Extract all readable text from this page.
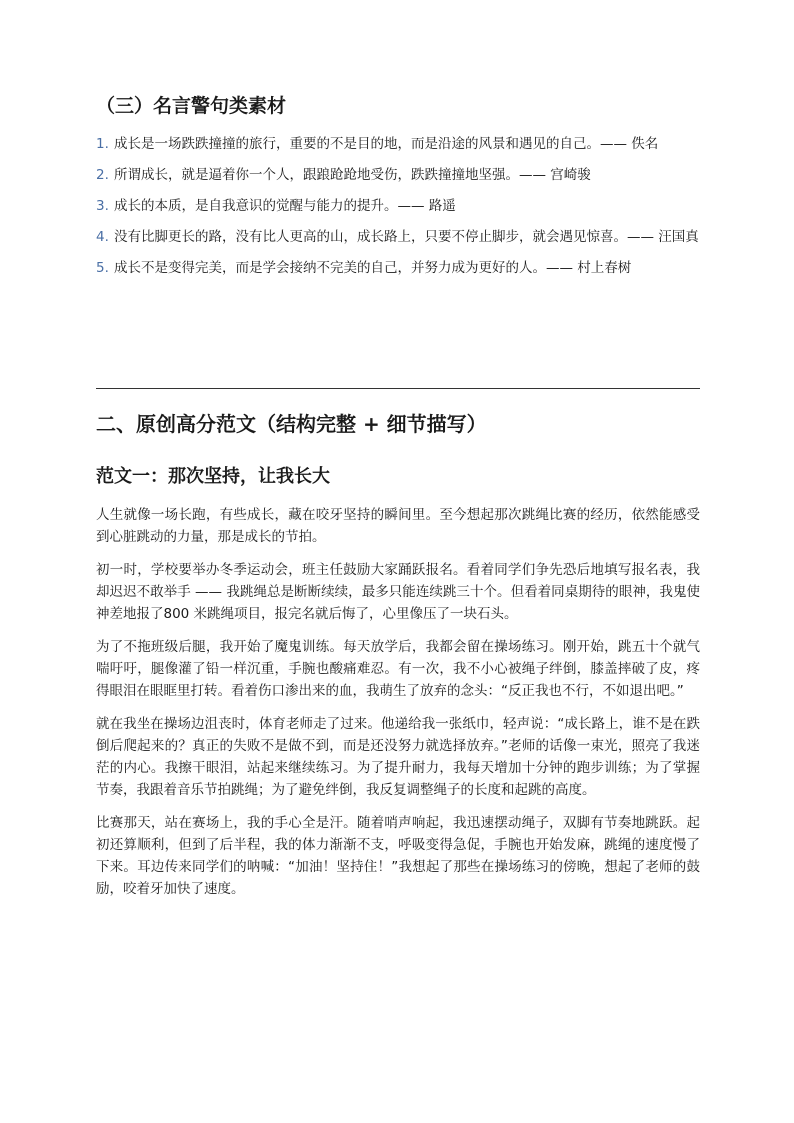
（三）名言警句类素材
1. 成长是一场跌跌撞撞的旅行，重要的不是目的地，而是沿途的风景和遇见的自己。—— 佚名
2. 所谓成长，就是逼着你一个人，跟踉跄跄地受伤，跌跌撞撞地坚强。—— 宫崎骏
3. 成长的本质，是自我意识的觉醒与能力的提升。—— 路遥
4. 没有比脚更长的路，没有比人更高的山，成长路上，只要不停止脚步，就会遇见惊喜。—— 汪国真
5. 成长不是变得完美，而是学会接纳不完美的自己，并努力成为更好的人。—— 村上春树
二、原创高分范文（结构完整 + 细节描写）
范文一：那次坚持，让我长大

人生就像一场长跑，有些成长，藏在咬牙坚持的瞬间里。至今想起那次跳绳比赛的经历，依然能感受到心脏跳动的力量，那是成长的节拍。

初一时，学校要举办冬季运动会，班主任鼓励大家踊跃报名。看着同学们争先恐后地填写报名表，我却迟迟不敢举手 —— 我跳绳总是断断续续，最多只能连续跳三十个。但看着同桌期待的眼神，我鬼使神差地报了800 米跳绳项目，报完名就后悔了，心里像压了一块石头。

为了不拖班级后腿，我开始了魔鬼训练。每天放学后，我都会留在操场练习。刚开始，跳五十个就气喘吁吁，腿像灌了铅一样沉重，手腕也酸痛难忍。有一次，我不小心被绳子绊倒，膝盖摔破了皮，疼得眼泪在眼眶里打转。看着伤口渗出来的血，我萌生了放弃的念头：“反正我也不行，不如退出吧。”

就在我坐在操场边沮丧时，体育老师走了过来。他递给我一张纸巾，轻声说：“成长路上，谁不是在跌倒后爬起来的？真正的失败不是做不到，而是还没努力就选择放弃。”老师的话像一束光，照亮了我迷茫的内心。我擦干眼泪，站起来继续练习。为了提升耐力，我每天增加十分钟的跑步训练；为了掌握节奏，我跟着音乐节拍跳绳；为了避免绊倒，我反复调整绳子的长度和起跳的高度。

比赛那天，站在赛场上，我的手心全是汗。随着哨声响起，我迅速摆动绳子，双脚有节奏地跳跃。起初还算顺利，但到了后半程，我的体力渐渐不支，呼吸变得急促，手腕也开始发麻，跳绳的速度慢了下来。耳边传来同学们的呐喊：“加油！坚持住！”我想起了那些在操场练习的傍晚，想起了老师的鼓励，咬着牙加快了速度。
